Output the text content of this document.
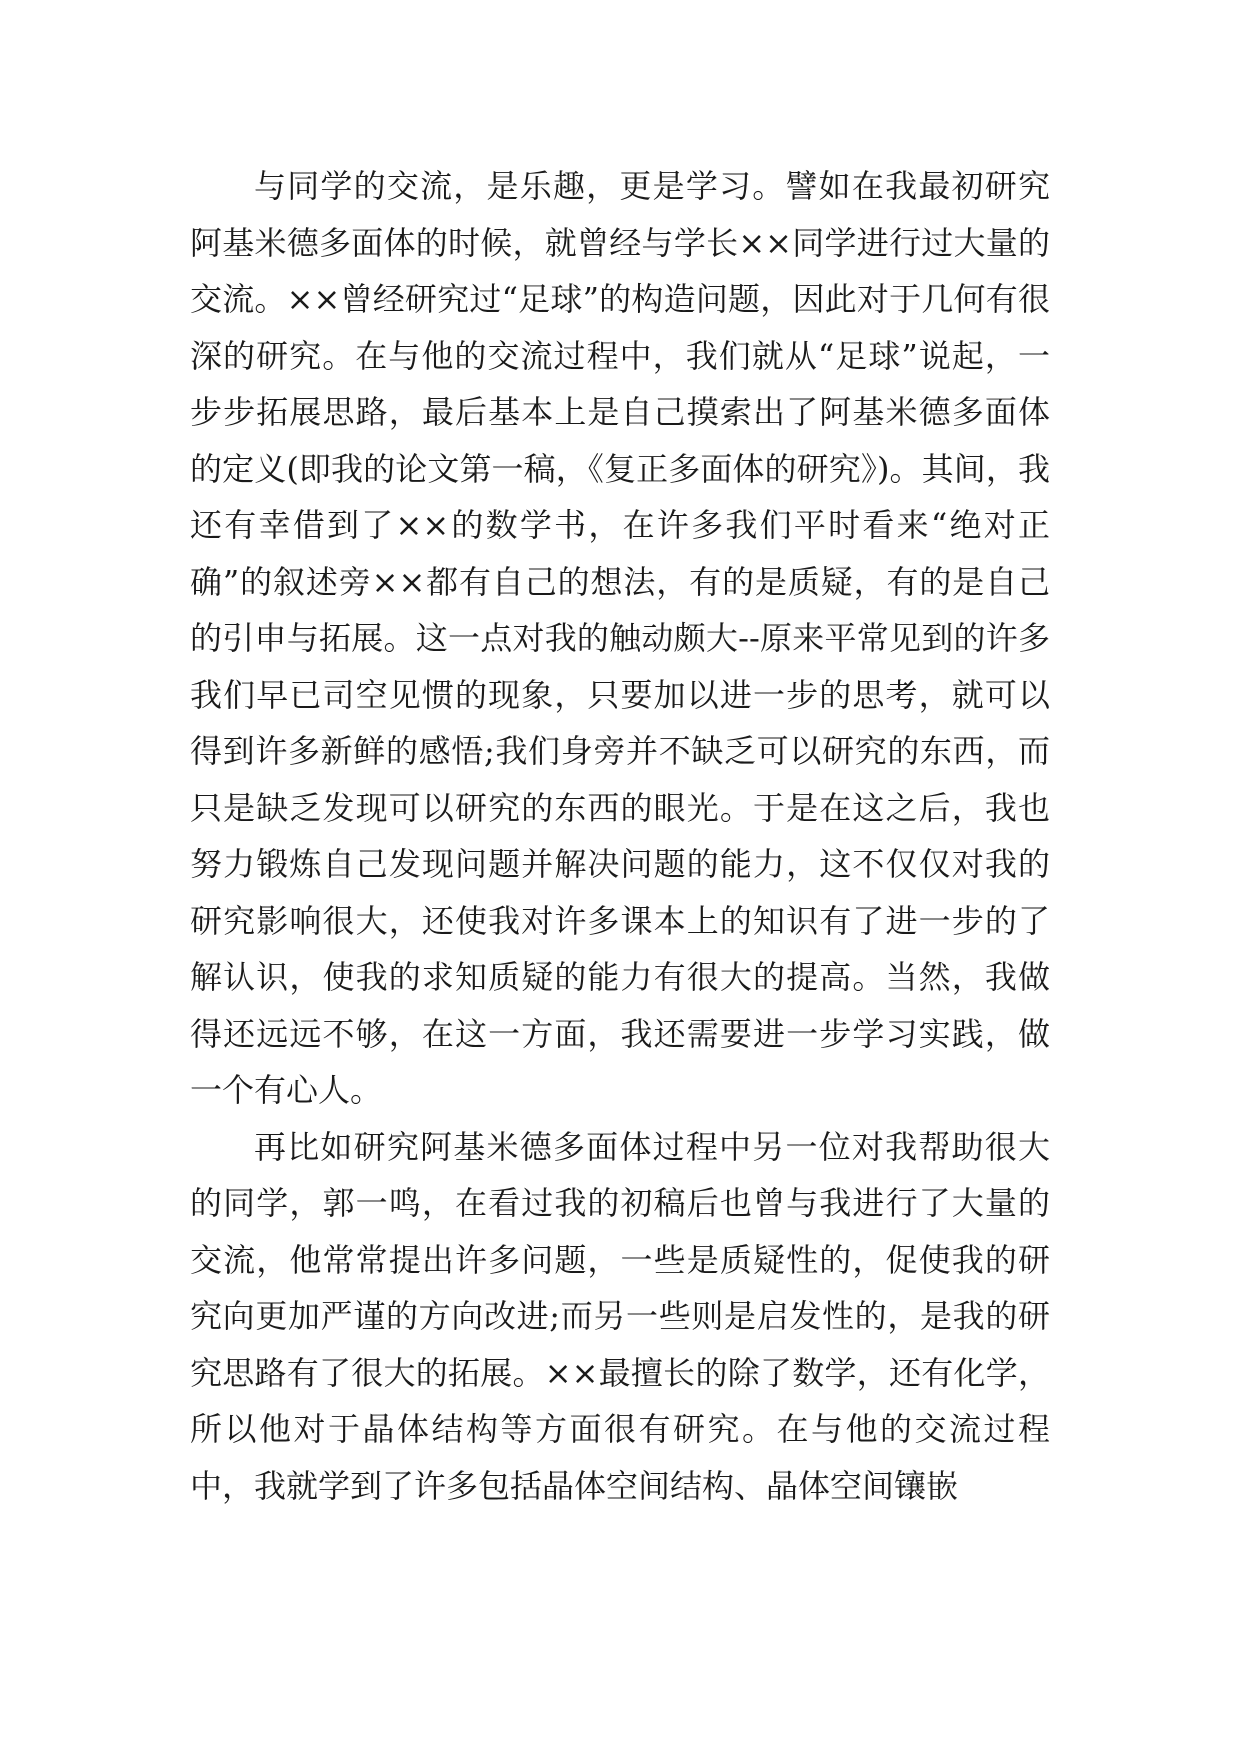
与同学的交流，是乐趣，更是学习。譬如在我最初研究阿基米德多面体的时候，就曾经与学长××同学进行过大量的交流。××曾经研究过“足球”的构造问题，因此对于几何有很深的研究。在与他的交流过程中，我们就从“足球”说起，一步步拓展思路，最后基本上是自己摸索出了阿基米德多面体的定义(即我的论文第一稿，《复正多面体的研究》)。其间，我还有幸借到了××的数学书，在许多我们平时看来“绝对正确”的叙述旁××都有自己的想法，有的是质疑，有的是自己的引申与拓展。这一点对我的触动颇大--原来平常见到的许多我们早已司空见惯的现象，只要加以进一步的思考，就可以得到许多新鲜的感悟;我们身旁并不缺乏可以研究的东西，而只是缺乏发现可以研究的东西的眼光。于是在这之后，我也努力锻炼自己发现问题并解决问题的能力，这不仅仅对我的研究影响很大，还使我对许多课本上的知识有了进一步的了解认识，使我的求知质疑的能力有很大的提高。当然，我做得还远远不够，在这一方面，我还需要进一步学习实践，做一个有心人。

再比如研究阿基米德多面体过程中另一位对我帮助很大的同学，郭一鸣，在看过我的初稿后也曾与我进行了大量的交流，他常常提出许多问题，一些是质疑性的，促使我的研究向更加严谨的方向改进;而另一些则是启发性的，是我的研究思路有了很大的拓展。××最擅长的除了数学，还有化学，所以他对于晶体结构等方面很有研究。在与他的交流过程中，我就学到了许多包括晶体空间结构、晶体空间镶嵌
